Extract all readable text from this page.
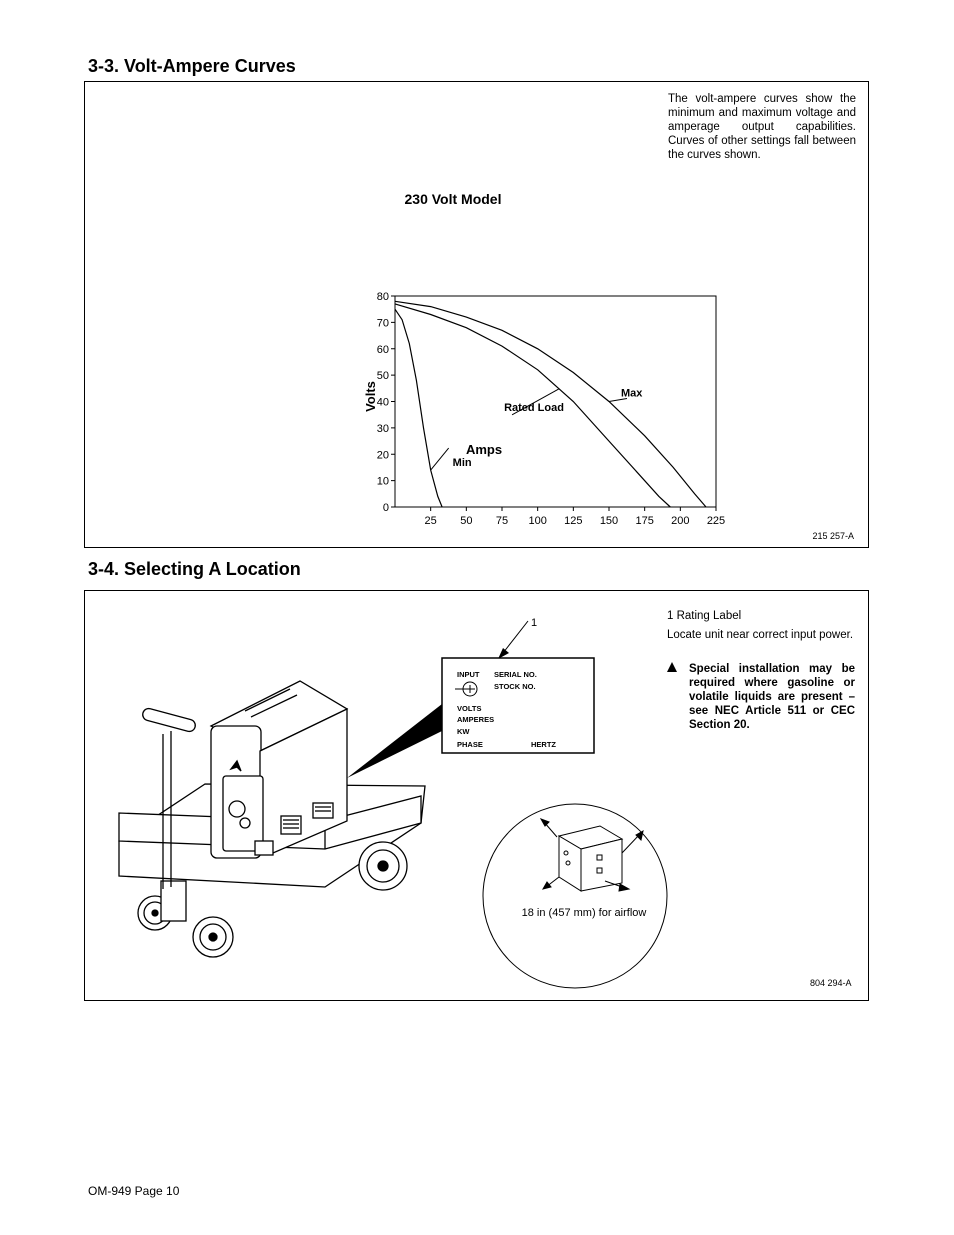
3-3. Volt-Ampere Curves
The volt-ampere curves show the minimum and maximum voltage and amperage output capabilities. Curves of other settings fall between the curves shown.
230 Volt Model
Volts
Amps
0
10
20
30
40
50
60
70
80
25 50 75 100 125 150 175 200 225
Min
Rated Load
Max
215 257-A
3-4. Selecting A Location
1 Rating Label
Locate unit near correct input power.
Special installation may be required where gasoline or volatile liquids are present – see NEC Article 511 or CEC Section 20.
1
INPUT SERIAL NO.
STOCK NO.
VOLTS
AMPERES
KW
PHASE	HERTZ
18 in (457 mm) for airflow
804 294-A
OM-949 Page 10
